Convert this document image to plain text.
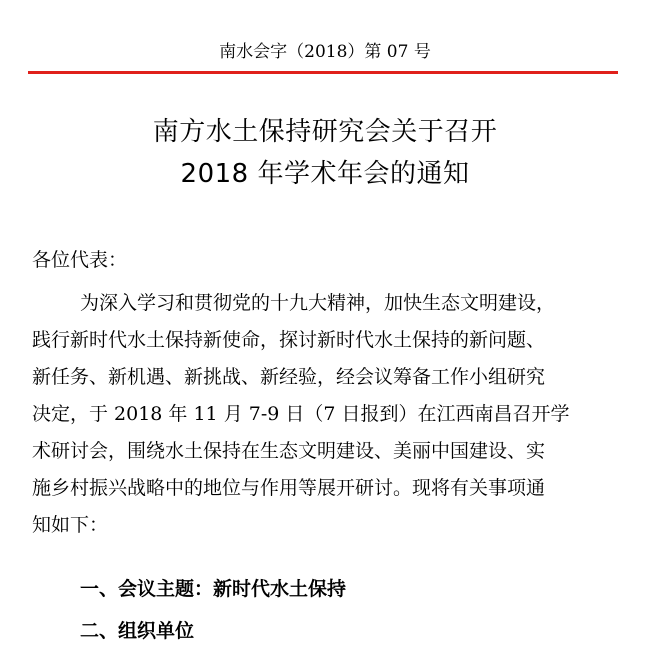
南水会字（2018）第 07 号
南方水土保持研究会关于召开
2018 年学术年会的通知
各位代表：
为深入学习和贯彻党的十九大精神，加快生态文明建设，
践行新时代水土保持新使命，探讨新时代水土保持的新问题、
新任务、新机遇、新挑战、新经验，经会议筹备工作小组研究
决定，于 2018 年 11 月 7-9 日（7 日报到）在江西南昌召开学
术研讨会，围绕水土保持在生态文明建设、美丽中国建设、实
施乡村振兴战略中的地位与作用等展开研讨。现将有关事项通
知如下：
一、会议主题：新时代水土保持
二、组织单位
